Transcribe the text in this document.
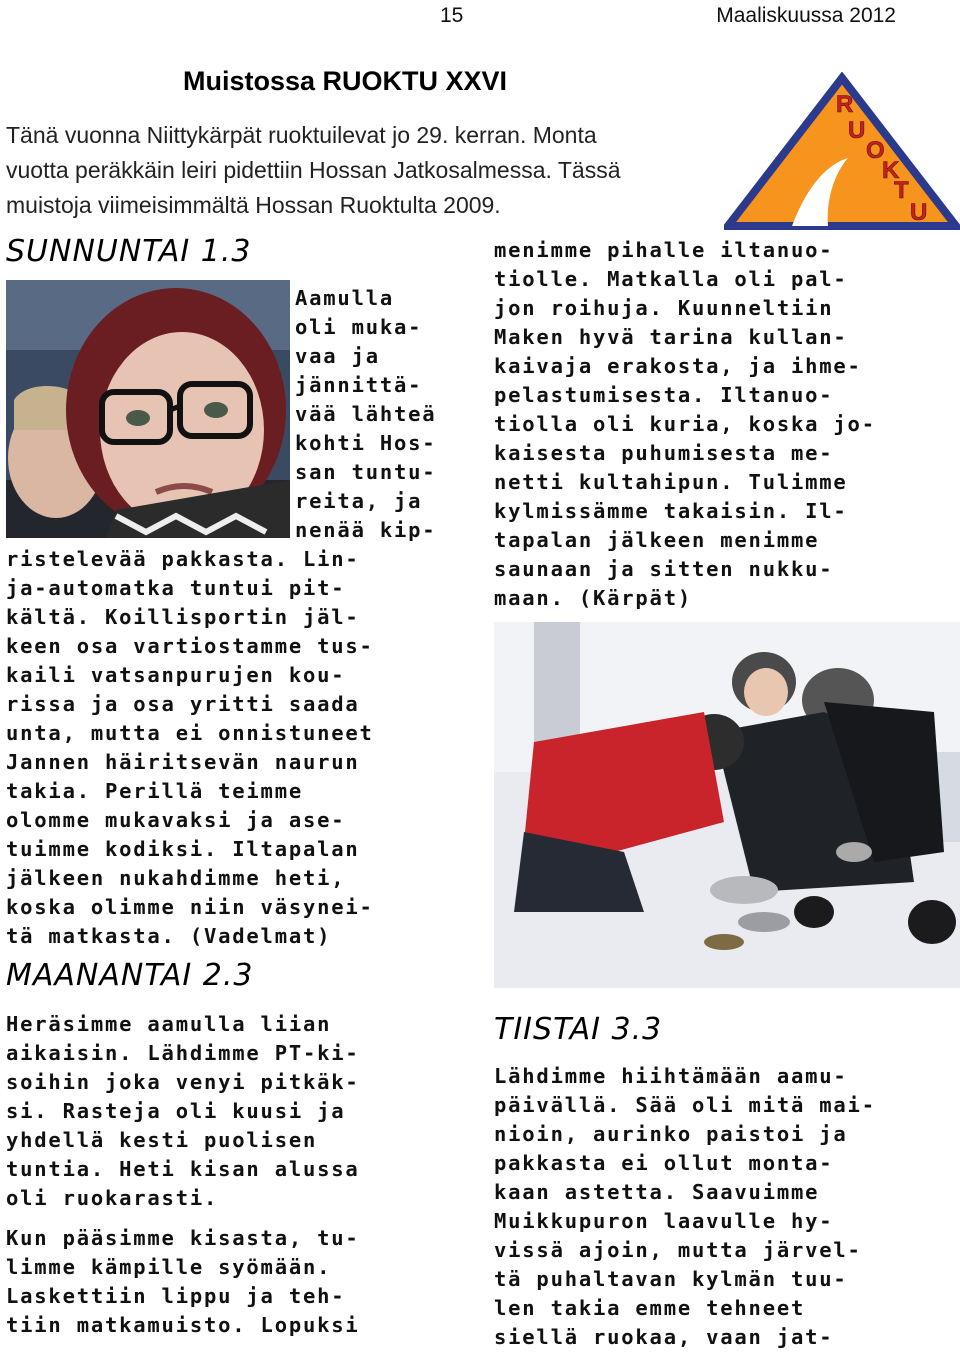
15	Maaliskuussa 2012
Muistossa RUOKTU XXVI
Tänä vuonna Niittykärpät ruoktuilevat jo 29. kerran. Monta
vuotta peräkkäin leiri pidettiin Hossan Jatkosalmessa. Tässä
muistoja viimeisimmältä Hossan Ruoktulta 2009.
R
U
O
K
T
U
SUNNUNTAI 1.3
Aamulla
oli muka-
vaa ja
jännittä-
vää lähteä
kohti Hos-
san tuntu-
reita, ja
nenää kip-
ristelevää pakkasta. Lin-
ja-automatka tuntui pit-
kältä. Koillisportin jäl-
keen osa vartiostamme tus-
kaili vatsanpurujen kou-
rissa ja osa yritti saada
unta, mutta ei onnistuneet
Jannen häiritsevän naurun
takia. Perillä teimme
olomme mukavaksi ja ase-
tuimme kodiksi. Iltapalan
jälkeen nukahdimme heti,
koska olimme niin väsynei-
tä matkasta. (Vadelmat)
MAANANTAI 2.3
Heräsimme aamulla liian
aikaisin. Lähdimme PT-ki-
soihin joka venyi pitkäk-
si. Rasteja oli kuusi ja
yhdellä kesti puolisen
tuntia. Heti kisan alussa
oli ruokarasti.
Kun pääsimme kisasta, tu-
limme kämpille syömään.
Laskettiin lippu ja teh-
tiin matkamuisto. Lopuksi
menimme pihalle iltanuo-
tiolle. Matkalla oli pal-
jon roihuja. Kuunneltiin
Maken hyvä tarina kullan-
kaivaja erakosta, ja ihme-
pelastumisesta. Iltanuo-
tiolla oli kuria, koska jo-
kaisesta puhumisesta me-
netti kultahipun. Tulimme
kylmissämme takaisin. Il-
tapalan jälkeen menimme
saunaan ja sitten nukku-
maan. (Kärpät)
TIISTAI 3.3
Lähdimme hiihtämään aamu-
päivällä. Sää oli mitä mai-
nioin, aurinko paistoi ja
pakkasta ei ollut monta-
kaan astetta. Saavuimme
Muikkupuron laavulle hy-
vissä ajoin, mutta järvel-
tä puhaltavan kylmän tuu-
len takia emme tehneet
siellä ruokaa, vaan jat-
